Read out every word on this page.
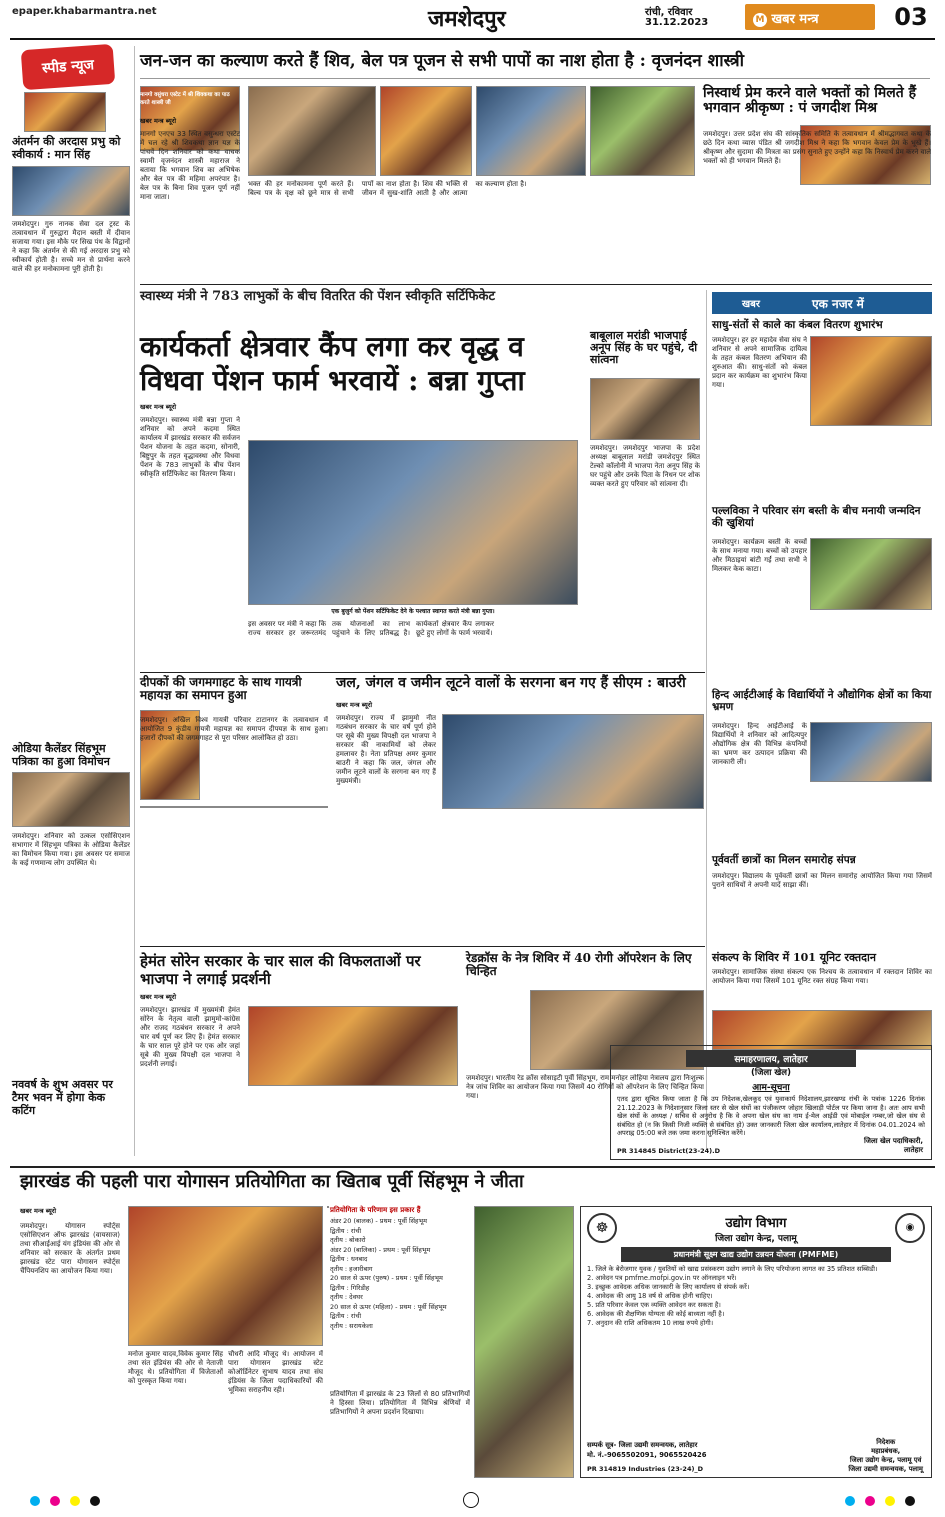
epaper.khabarmantra.net	जमशेदपुर	रांची, रविवार
31.12.2023	M खबर मन्त्र	03
स्पीड न्यूज
अंतर्मन की अरदास प्रभु को स्वीकार्य : मान सिंह
जमशेदपुर। गुरु नानक सेवा दल ट्रस्ट के तत्वावधान में गुरुद्वारा मैदान बस्ती में दीवान सजाया गया। इस मौके पर सिख पंथ के विद्वानों ने कहा कि अंतर्मन से की गई अरदास प्रभु को स्वीकार्य होती है। सच्चे मन से प्रार्थना करने वाले की हर मनोकामना पूरी होती है।
ओडिया कैलेंडर सिंहभूम पत्रिका का हुआ विमोचन
जमशेदपुर। शनिवार को उत्कल एसोसिएशन सभागार में सिंहभूम पत्रिका के ओडिया कैलेंडर का विमोचन किया गया। इस अवसर पर समाज के कई गणमान्य लोग उपस्थित थे।
नववर्ष के शुभ अवसर पर टैमर भवन में होगा केक कटिंग
जन-जन का कल्याण करते हैं शिव, बेल पत्र पूजन से सभी पापों का नाश होता है : वृजनंदन शास्त्री
मानगो वसुंधरा एस्टेट में श्री शिवकथा का पाठ करते शास्त्री जी
खबर मन्त्र ब्यूरो
मानगो एनएच 33 स्थित वसुन्धरा एस्टेट में चल रहे श्री शिवकथा ज्ञान यज्ञ के पांचवें दिन शनिवार को कथा वाचक स्वामी वृजनंदन शास्त्री महाराज ने बताया कि भगवान शिव का अभिषेक और बेल पत्र की महिमा अपरंपार है। बेल पत्र के बिना शिव पूजन पूर्ण नहीं माना जाता।
भक्त की हर मनोकामना पूर्ण करते हैं। बिल्व पत्र के वृक्ष को छूने मात्र से सभी पापों का नाश होता है। शिव की भक्ति से जीवन में सुख-शांति आती है और आत्मा का कल्याण होता है।
निस्वार्थ प्रेम करने वाले भक्तों को मिलते हैं भगवान श्रीकृष्ण : पं जगदीश मिश्र
जमशेदपुर। उत्तर प्रदेश संघ की सांस्कृतिक समिति के तत्वावधान में श्रीमद्भागवत कथा के छठे दिन कथा व्यास पंडित श्री जगदीश मिश्र ने कहा कि भगवान केवल प्रेम के भूखे हैं। श्रीकृष्ण और सुदामा की मित्रता का प्रसंग सुनाते हुए उन्होंने कहा कि निस्वार्थ प्रेम करने वाले भक्तों को ही भगवान मिलते हैं।
स्वास्थ्य मंत्री ने 783 लाभुकों के बीच वितरित की पेंशन स्वीकृति सर्टिफिकेट
कार्यकर्ता क्षेत्रवार कैंप लगा कर वृद्ध व विधवा पेंशन फार्म भरवायें : बन्ना गुप्ता
खबर मन्त्र ब्यूरो
जमशेदपुर। स्वास्थ्य मंत्री बन्ना गुप्ता ने शनिवार को अपने कदमा स्थित कार्यालय में झारखंड सरकार की सर्वजन पेंशन योजना के तहत कदमा, सोनारी, बिष्टुपुर के तहत वृद्धावस्था और विधवा पेंशन के 783 लाभुकों के बीच पेंशन स्वीकृति सर्टिफिकेट का वितरण किया।
एक बुजुर्ग को पेंशन सर्टिफिकेट देने के पश्चात स्वागत करते मंत्री बन्ना गुप्ता।
इस अवसर पर मंत्री ने कहा कि राज्य सरकार हर जरूरतमंद तक योजनाओं का लाभ पहुंचाने के लिए प्रतिबद्ध है। कार्यकर्ता क्षेत्रवार कैंप लगाकर छूटे हुए लोगों के फार्म भरवायें।
बाबूलाल मरांडी भाजपाई अनूप सिंह के घर पहुंचे, दी सांत्वना
जमशेदपुर। जमशेदपुर भाजपा के प्रदेश अध्यक्ष बाबूलाल मरांडी जमशेदपुर स्थित टेल्को कॉलोनी में भाजपा नेता अनूप सिंह के घर पहुंचे और उनके पिता के निधन पर शोक व्यक्त करते हुए परिवार को सांत्वना दी।
खबर	एक नजर में
साधु-संतों से काले का कंबल वितरण शुभारंभ
जमशेदपुर। हर हर महादेव सेवा संघ ने शनिवार से अपने सामाजिक दायित्व के तहत कंबल वितरण अभियान की शुरुआत की। साधु-संतों को कंबल प्रदान कर कार्यक्रम का शुभारंभ किया गया।
पल्लविका ने परिवार संग बस्ती के बीच मनायी जन्मदिन की खुशियां
जमशेदपुर। कार्यक्रम बस्ती के बच्चों के साथ मनाया गया। बच्चों को उपहार और मिठाइयां बांटी गईं तथा सभी ने मिलकर केक काटा।
हिन्द आईटीआई के विद्यार्थियों ने औद्योगिक क्षेत्रों का किया भ्रमण
जमशेदपुर। हिन्द आईटीआई के विद्यार्थियों ने शनिवार को आदित्यपुर औद्योगिक क्षेत्र की विभिन्न कंपनियों का भ्रमण कर उत्पादन प्रक्रिया की जानकारी ली।
पूर्ववर्ती छात्रों का मिलन समारोह संपन्न
जमशेदपुर। विद्यालय के पूर्ववर्ती छात्रों का मिलन समारोह आयोजित किया गया जिसमें पुराने साथियों ने अपनी यादें साझा कीं।
दीपकों की जगमगाहट के साथ गायत्री महायज्ञ का समापन हुआ
जमशेदपुर। अखिल विश्व गायत्री परिवार टाटानगर के तत्वावधान में आयोजित 9 कुंडीय गायत्री महायज्ञ का समापन दीपयज्ञ के साथ हुआ। हजारों दीपकों की जगमगाहट से पूरा परिसर आलोकित हो उठा।
जल, जंगल व जमीन लूटने वालों के सरगना बन गए हैं सीएम : बाउरी
खबर मन्त्र ब्यूरो
जमशेदपुर। राज्य में झामुमो नीत गठबंधन सरकार के चार वर्ष पूर्ण होने पर सूबे की मुख्य विपक्षी दल भाजपा ने सरकार की नाकामियों को लेकर हमलावर है। नेता प्रतिपक्ष अमर कुमार बाउरी ने कहा कि जल, जंगल और जमीन लूटने वालों के सरगना बन गए हैं मुख्यमंत्री।
हेमंत सोरेन सरकार के चार साल की विफलताओं पर भाजपा ने लगाई प्रदर्शनी
खबर मन्त्र ब्यूरो
जमशेदपुर। झारखंड में मुख्यमंत्री हेमंत सोरेन के नेतृत्व वाली झामुमो-कांग्रेस और राजद गठबंधन सरकार ने अपने चार वर्ष पूर्ण कर लिए हैं। हेमंत सरकार के चार साल पूरे होने पर एक ओर जहां सूबे की मुख्य विपक्षी दल भाजपा ने प्रदर्शनी लगाई।
रेडक्रॉस के नेत्र शिविर में 40 रोगी ऑपरेशन के लिए चिन्हित
जमशेदपुर। भारतीय रेड क्रॉस सोसाइटी पूर्वी सिंहभूम, राम मनोहर लोहिया नेत्रालय द्वारा निःशुल्क नेत्र जांच शिविर का आयोजन किया गया जिसमें 40 रोगियों को ऑपरेशन के लिए चिन्हित किया गया।
संकल्प के शिविर में 101 यूनिट रक्तदान
जमशेदपुर। सामाजिक संस्था संकल्प एक निश्चय के तत्वावधान में रक्तदान शिविर का आयोजन किया गया जिसमें 101 यूनिट रक्त संग्रह किया गया।
समाहरणालय, लातेहार
(जिला खेल)
आम-सूचना
एतद द्वारा सूचित किया जाता है कि उप निदेशक,खेलकूद एवं युवाकार्य निदेशालय,झारखण्ड रांची के पत्रांक 1226 दिनांक 21.12.2023 के निदेशानुसार जिला स्तर से खेल संघों का पंजीकरण जोहार खिलाड़ी पोर्टल पर किया जाना है। अतः आप सभी खेल संघों के अध्यक्ष / सचिव से अनुरोध है कि वे अपना खेल संघ का नाम ई-मेल आईडी एवं मोबाईल नम्बर,जो खेल संघ से संबंधित हो (न कि किसी निजी व्यक्ति से संबंधित हो) उक्त जानकारी जिला खेल कार्यालय,लातेहार में दिनांक 04.01.2024 को अपराह्न 05:00 बजे तक जमा करना सुनिश्चित करेंगे।
जिला खेल पदाधिकारी,
लातेहार
PR 314845 District(23-24).D
झारखंड की पहली पारा योगासन प्रतियोगिता का खिताब पूर्वी सिंहभूम ने जीता
खबर मन्त्र ब्यूरो
जमशेदपुर। योगासन स्पोर्ट्स एसोसिएशन ऑफ झारखंड (वायसाज) तथा सीआईआई यंग इंडियंस की ओर से शनिवार को सरकार के अंतर्गत प्रथम झारखंड स्टेट पारा योगासन स्पोर्ट्स चैंपियनशिप का आयोजन किया गया।
मनोज कुमार यादव,विवेक कुमार सिंह तथा संत इंडियंस की ओर से नेताजी मौजूद थे। प्रतियोगिता में विजेताओं को पुरस्कृत किया गया।
चौधरी आदि मौजूद थे। आयोजन में पारा योगासन झारखंड स्टेट कोऑर्डिनेटर सुभाष यादव तथा संघ इंडियंस के जिला पदाधिकारियों की भूमिका सराहनीय रही।
प्रतियोगिता के परिणाम इस प्रकार हैं
अंडर 20 (बालक) - प्रथम : पूर्वी सिंहभूम
द्वितीय : रांची
तृतीय : बोकारो
अंडर 20 (बालिका) - प्रथम : पूर्वी सिंहभूम
द्वितीय : धनबाद
तृतीय : हजारीबाग
20 साल से ऊपर (पुरुष) - प्रथम : पूर्वी सिंहभूम
द्वितीय : गिरिडीह
तृतीय : देवघर
20 साल से ऊपर (महिला) - प्रथम : पूर्वी सिंहभूम
द्वितीय : रांची
तृतीय : सरायकेला
प्रतियोगिता में झारखंड के 23 जिलों से 80 प्रतिभागियों ने हिस्सा लिया। प्रतियोगिता में विभिन्न श्रेणियों में प्रतिभागियों ने अपना प्रदर्शन दिखाया।
☸	◉
उद्योग विभाग
जिला उद्योग केन्द्र, पलामू
प्रधानमंत्री सूक्ष्म खाद्य उद्योग उन्नयन योजना (PMFME)
1. जिले के बेरोजगार युवक / युवतियों को खाद्य प्रसंस्करण उद्योग लगाने के लिए परियोजना लागत का 35 प्रतिशत सब्सिडी।
2. आवेदन पत्र pmfme.mofpi.gov.in पर ऑनलाइन भरें।
3. इच्छुक आवेदक अधिक जानकारी के लिए कार्यालय से संपर्क करें।
4. आवेदक की आयु 18 वर्ष से अधिक होनी चाहिए।
5. प्रति परिवार केवल एक व्यक्ति आवेदन कर सकता है।
6. आवेदक की शैक्षणिक योग्यता की कोई बाध्यता नहीं है।
7. अनुदान की राशि अधिकतम 10 लाख रुपये होगी।
सम्पर्क सूत्र- जिला उद्यमी समन्वयक, लातेहार
मो. नं.-9065502091, 9065520426
PR 314819 Industries (23-24)_D
निदेशक
महाप्रबंधक,
जिला उद्योग केन्द्र, पलामू एवं
जिला उद्यमी समन्वयक, पलामू
